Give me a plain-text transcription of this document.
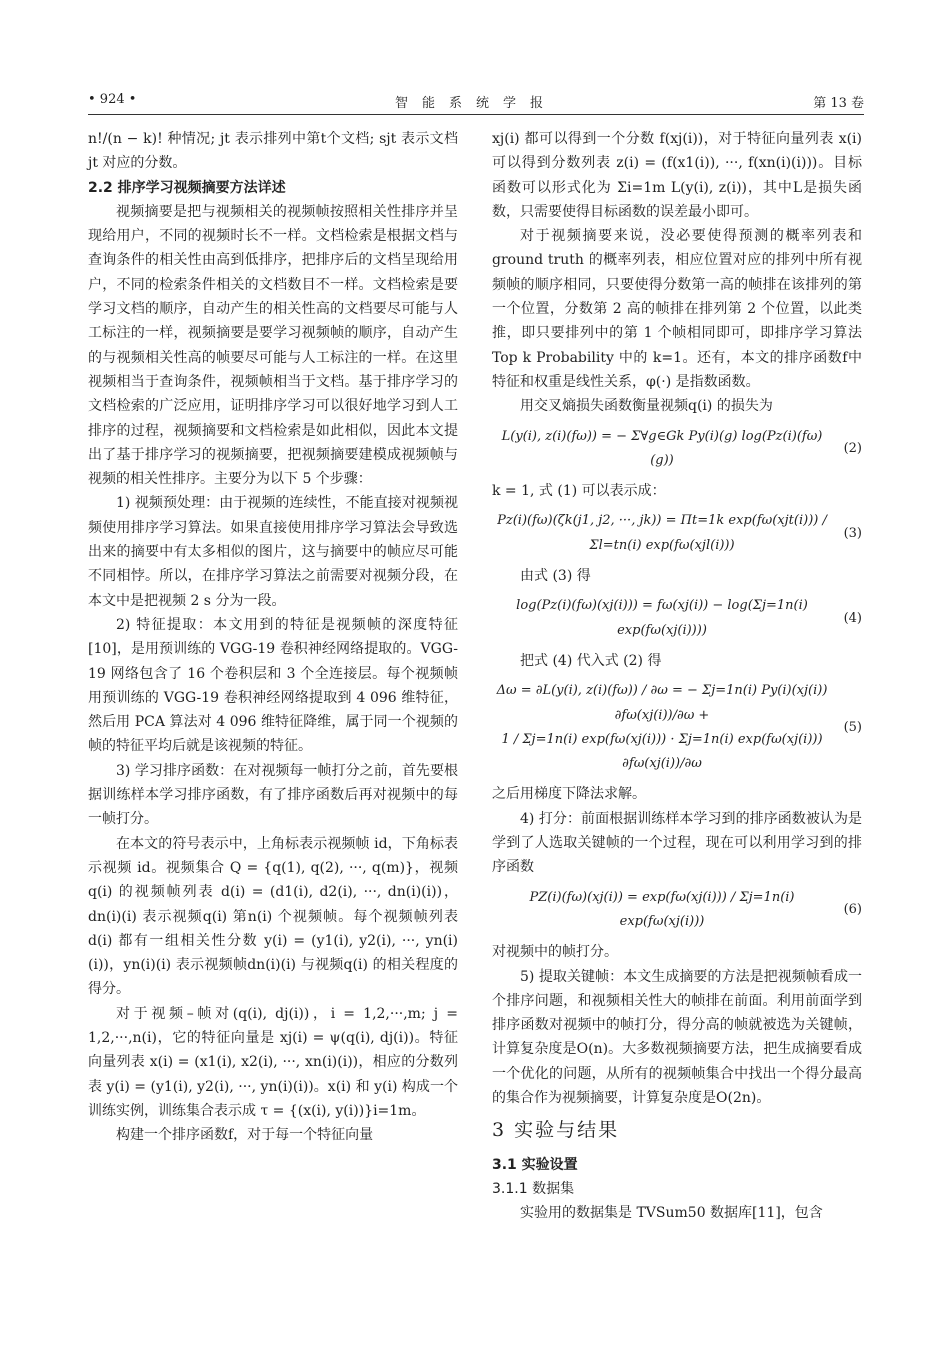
• 924 •	智能系统学报	第 13 卷

n!/(n − k)! 种情况; jt 表示排列中第t个文档; sjt 表示文档jt 对应的分数。

2.2 排序学习视频摘要方法详述

视频摘要是把与视频相关的视频帧按照相关性排序并呈现给用户，不同的视频时长不一样。文档检索是根据文档与查询条件的相关性由高到低排序，把排序后的文档呈现给用户，不同的检索条件相关的文档数目不一样。文档检索是要学习文档的顺序，自动产生的相关性高的文档要尽可能与人工标注的一样，视频摘要是要学习视频帧的顺序，自动产生的与视频相关性高的帧要尽可能与人工标注的一样。在这里视频相当于查询条件，视频帧相当于文档。基于排序学习的文档检索的广泛应用，证明排序学习可以很好地学习到人工排序的过程，视频摘要和文档检索是如此相似，因此本文提出了基于排序学习的视频摘要，把视频摘要建模成视频帧与视频的相关性排序。主要分为以下 5 个步骤：

1) 视频预处理：由于视频的连续性，不能直接对视频视频使用排序学习算法。如果直接使用排序学习算法会导致选出来的摘要中有太多相似的图片，这与摘要中的帧应尽可能不同相悖。所以，在排序学习算法之前需要对视频分段，在本文中是把视频 2 s 分为一段。

2) 特征提取：本文用到的特征是视频帧的深度特征[10]，是用预训练的 VGG-19 卷积神经网络提取的。VGG-19 网络包含了 16 个卷积层和 3 个全连接层。每个视频帧用预训练的 VGG-19 卷积神经网络提取到 4 096 维特征，然后用 PCA 算法对 4 096 维特征降维，属于同一个视频的帧的特征平均后就是该视频的特征。

3) 学习排序函数：在对视频每一帧打分之前，首先要根据训练样本学习排序函数，有了排序函数后再对视频中的每一帧打分。

在本文的符号表示中，上角标表示视频帧 id，下角标表示视频 id。视频集合 Q = {q(1), q(2), ···, q(m)}，视频q(i) 的视频帧列表 d(i) = (d1(i), d2(i), ···, dn(i)(i))，dn(i)(i) 表示视频q(i) 第n(i) 个视频帧。每个视频帧列表d(i) 都有一组相关性分数 y(i) = (y1(i), y2(i), ···, yn(i)(i))，yn(i)(i) 表示视频帧dn(i)(i) 与视频q(i) 的相关程度的得分。

对于视频–帧对(q(i), dj(i))，i = 1,2,···,m; j = 1,2,···,n(i)，它的特征向量是 xj(i) = ψ(q(i), dj(i))。特征向量列表 x(i) = (x1(i), x2(i), ···, xn(i)(i))，相应的分数列表 y(i) = (y1(i), y2(i), ···, yn(i)(i))。x(i) 和 y(i) 构成一个训练实例，训练集合表示成 τ = {(x(i), y(i))}i=1m。

构建一个排序函数f，对于每一个特征向量

xj(i) 都可以得到一个分数 f(xj(i))，对于特征向量列表 x(i) 可以得到分数列表 z(i) = (f(x1(i)), ···, f(xn(i)(i)))。目标函数可以形式化为 Σi=1m L(y(i), z(i))，其中L是损失函数，只需要使得目标函数的误差最小即可。

对于视频摘要来说，没必要使得预测的概率列表和 ground truth 的概率列表，相应位置对应的排列中所有视频帧的顺序相同，只要使得分数第一高的帧排在该排列的第一个位置，分数第 2 高的帧排在排列第 2 个位置，以此类推，即只要排列中的第 1 个帧相同即可，即排序学习算法 Top k Probability 中的 k=1。还有，本文的排序函数f中特征和权重是线性关系，φ(·) 是指数函数。

用交叉熵损失函数衡量视频q(i) 的损失为

L(y(i), z(i)(fω)) = − Σ∀g∈Gk Py(i)(g) log(Pz(i)(fω)(g))
(2)

k = 1, 式 (1) 可以表示成：

Pz(i)(fω)(ζk(j1, j2, ···, jk)) = Πt=1k exp(fω(xjt(i))) / Σl=tn(i) exp(fω(xjl(i)))
(3)

由式 (3) 得

log(Pz(i)(fω)(xj(i))) = fω(xj(i)) − log(Σj=1n(i) exp(fω(xj(i))))
(4)

把式 (4) 代入式 (2) 得

Δω = ∂L(y(i), z(i)(fω)) / ∂ω = − Σj=1n(i) Py(i)(xj(i)) ∂fω(xj(i))/∂ω +
1 / Σj=1n(i) exp(fω(xj(i))) · Σj=1n(i) exp(fω(xj(i))) ∂fω(xj(i))/∂ω
(5)

之后用梯度下降法求解。

4) 打分：前面根据训练样本学习到的排序函数被认为是学到了人选取关键帧的一个过程，现在可以利用学习到的排序函数

PZ(i)(fω)(xj(i)) = exp(fω(xj(i))) / Σj=1n(i) exp(fω(xj(i)))
(6)

对视频中的帧打分。

5) 提取关键帧：本文生成摘要的方法是把视频帧看成一个排序问题，和视频相关性大的帧排在前面。利用前面学到排序函数对视频中的帧打分，得分高的帧就被选为关键帧，计算复杂度是O(n)。大多数视频摘要方法，把生成摘要看成一个优化的问题，从所有的视频帧集合中找出一个得分最高的集合作为视频摘要，计算复杂度是O(2n)。

3 实验与结果

3.1 实验设置

3.1.1 数据集

实验用的数据集是 TVSum50 数据库[11]，包含
